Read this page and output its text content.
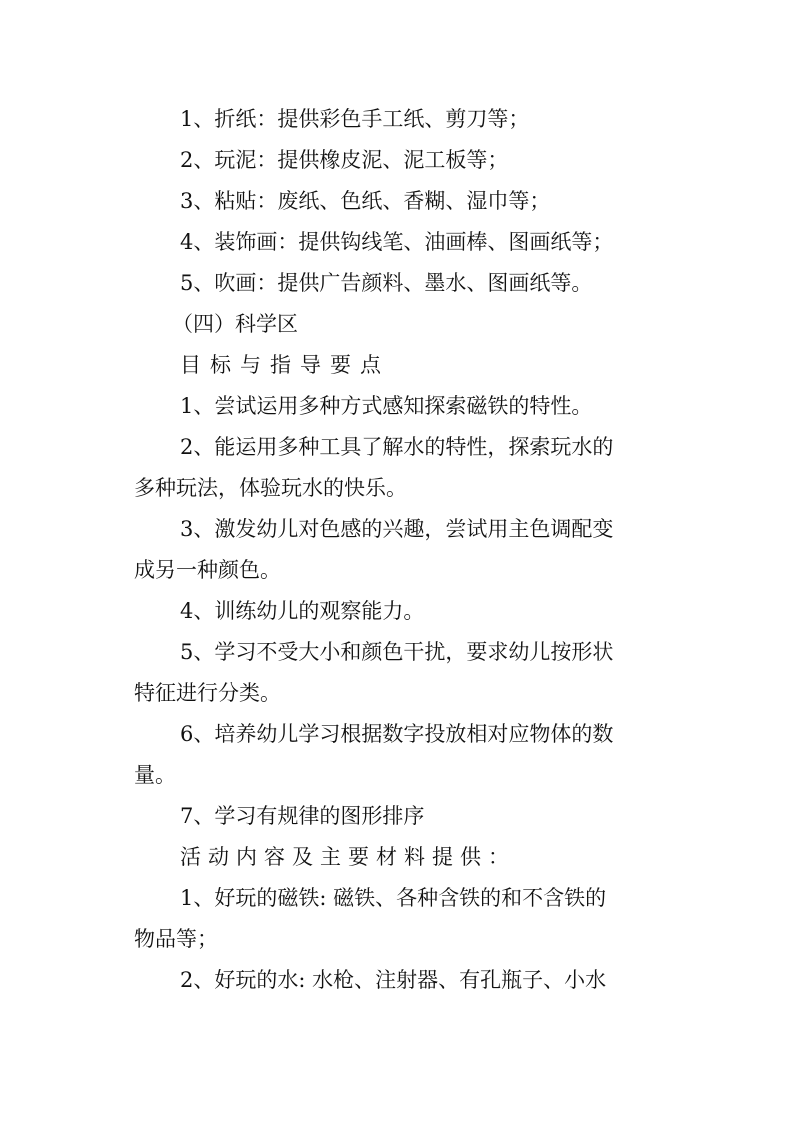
1、折纸：提供彩色手工纸、剪刀等；
2、玩泥：提供橡皮泥、泥工板等；
3、粘贴：废纸、色纸、香糊、湿巾等；
4、装饰画：提供钩线笔、油画棒、图画纸等；
5、吹画：提供广告颜料、墨水、图画纸等。
（四）科学区
目标与指导要点
1、尝试运用多种方式感知探索磁铁的特性。
2、能运用多种工具了解水的特性，探索玩水的
多种玩法，体验玩水的快乐。
3、激发幼儿对色感的兴趣，尝试用主色调配变
成另一种颜色。
4、训练幼儿的观察能力。
5、学习不受大小和颜色干扰，要求幼儿按形状
特征进行分类。
6、培养幼儿学习根据数字投放相对应物体的数
量。
7、学习有规律的图形排序
活动内容及主要材料提供：
1、好玩的磁铁: 磁铁、各种含铁的和不含铁的
物品等；
2、好玩的水: 水枪、注射器、有孔瓶子、小水
